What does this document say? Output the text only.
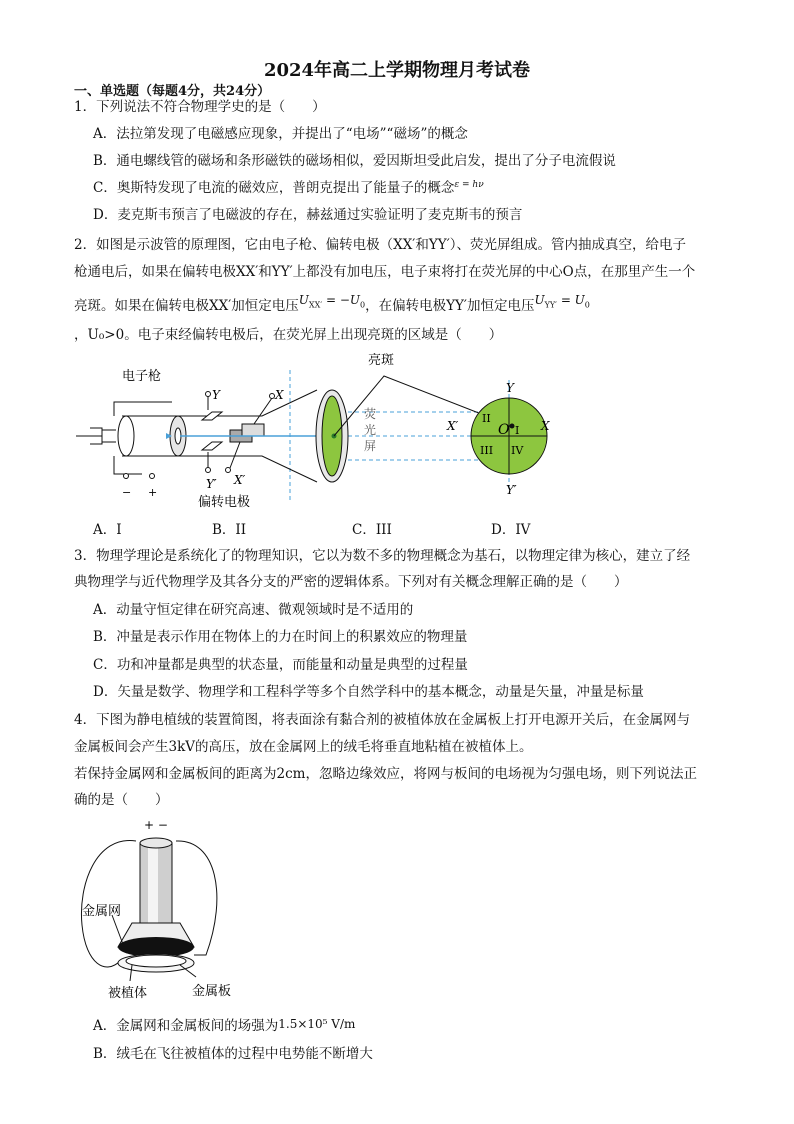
2024年高二上学期物理月考试卷
一、单选题（每题4分，共24分）
1．下列说法不符合物理学史的是（　　）
A．法拉第发现了电磁感应现象，并提出了“电场”“磁场”的概念
B．通电螺线管的磁场和条形磁铁的磁场相似，爱因斯坦受此启发，提出了分子电流假说
C．奥斯特发现了电流的磁效应，普朗克提出了能量子的概念$^{\varepsilon = h\nu}$
D．麦克斯韦预言了电磁波的存在，赫兹通过实验证明了麦克斯韦的预言
2．如图是示波管的原理图，它由电子枪、偏转电极（XX′和YY′）、荧光屏组成。管内抽成真空，给电子
枪通电后，如果在偏转电极XX′和YY′上都没有加电压，电子束将打在荧光屏的中心O点，在那里产生一个
亮斑。如果在偏转电极XX′加恒定电压$U_{XX'} = -U_0$，在偏转电极YY′加恒定电压$U_{YY'} = U_0$
，U₀>0。电子束经偏转电极后，在荧光屏上出现亮斑的区域是（　　）
电子枪
− +
Y	X
Y′ X′
偏转电极
亮斑
荧
光
屏
Y
Y′
X
X′	O I
II
III IV
A．I	B．II	C．III	D．IV
3．物理学理论是系统化了的物理知识，它以为数不多的物理概念为基石，以物理定律为核心，建立了经
典物理学与近代物理学及其各分支的严密的逻辑体系。下列对有关概念理解正确的是（　　）
A．动量守恒定律在研究高速、微观领域时是不适用的
B．冲量是表示作用在物体上的力在时间上的积累效应的物理量
C．功和冲量都是典型的状态量，而能量和动量是典型的过程量
D．矢量是数学、物理学和工程科学等多个自然学科中的基本概念，动量是矢量，冲量是标量
4．下图为静电植绒的装置简图，将表面涂有黏合剂的被植体放在金属板上打开电源开关后，在金属网与
金属板间会产生3kV的高压，放在金属网上的绒毛将垂直地粘植在被植体上。
若保持金属网和金属板间的距离为2cm，忽略边缘效应，将网与板间的电场视为匀强电场，则下列说法正
确的是（　　）
+ −
金属网
被植体	金属板
A．金属网和金属板间的场强为1.5×10⁵ V/m
B．绒毛在飞往被植体的过程中电势能不断增大
